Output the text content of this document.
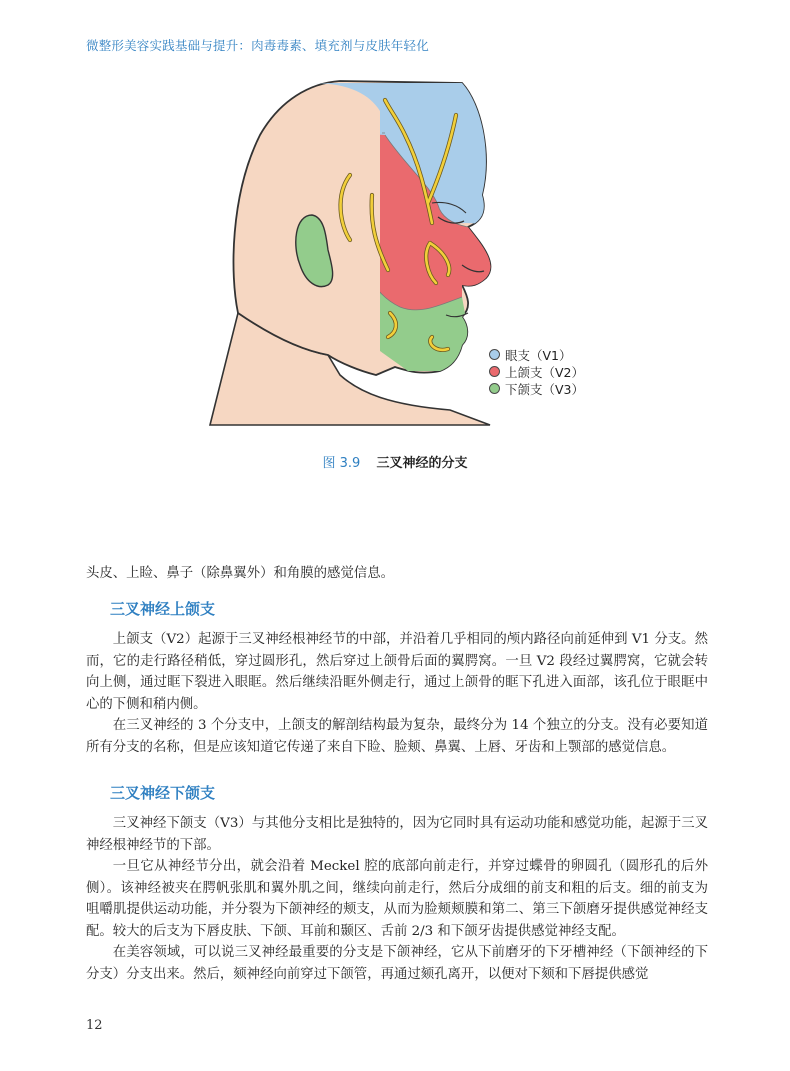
微整形美容实践基础与提升：肉毒毒素、填充剂与皮肤年轻化
眼支（V1）
上颌支（V2）
下颌支（V3）
图 3.9 三叉神经的分支

头皮、上睑、鼻子（除鼻翼外）和角膜的感觉信息。

三叉神经上颌支

上颌支（V2）起源于三叉神经根神经节的中部，并沿着几乎相同的颅内路径向前延伸到 V1 分支。然而，它的走行路径稍低，穿过圆形孔，然后穿过上颌骨后面的翼腭窝。一旦 V2 段经过翼腭窝，它就会转向上侧，通过眶下裂进入眼眶。然后继续沿眶外侧走行，通过上颌骨的眶下孔进入面部，该孔位于眼眶中心的下侧和稍内侧。

在三叉神经的 3 个分支中，上颌支的解剖结构最为复杂，最终分为 14 个独立的分支。没有必要知道所有分支的名称，但是应该知道它传递了来自下睑、脸颊、鼻翼、上唇、牙齿和上颚部的感觉信息。

三叉神经下颌支

三叉神经下颌支（V3）与其他分支相比是独特的，因为它同时具有运动功能和感觉功能，起源于三叉神经根神经节的下部。

一旦它从神经节分出，就会沿着 Meckel 腔的底部向前走行，并穿过蝶骨的卵圆孔（圆形孔的后外侧）。该神经被夹在腭帆张肌和翼外肌之间，继续向前走行，然后分成细的前支和粗的后支。细的前支为咀嚼肌提供运动功能，并分裂为下颌神经的颊支，从而为脸颊颊膜和第二、第三下颌磨牙提供感觉神经支配。较大的后支为下唇皮肤、下颌、耳前和颞区、舌前 2/3 和下颌牙齿提供感觉神经支配。

在美容领域，可以说三叉神经最重要的分支是下颌神经，它从下前磨牙的下牙槽神经（下颌神经的下分支）分支出来。然后，颏神经向前穿过下颌管，再通过颏孔离开，以便对下颏和下唇提供感觉

12
